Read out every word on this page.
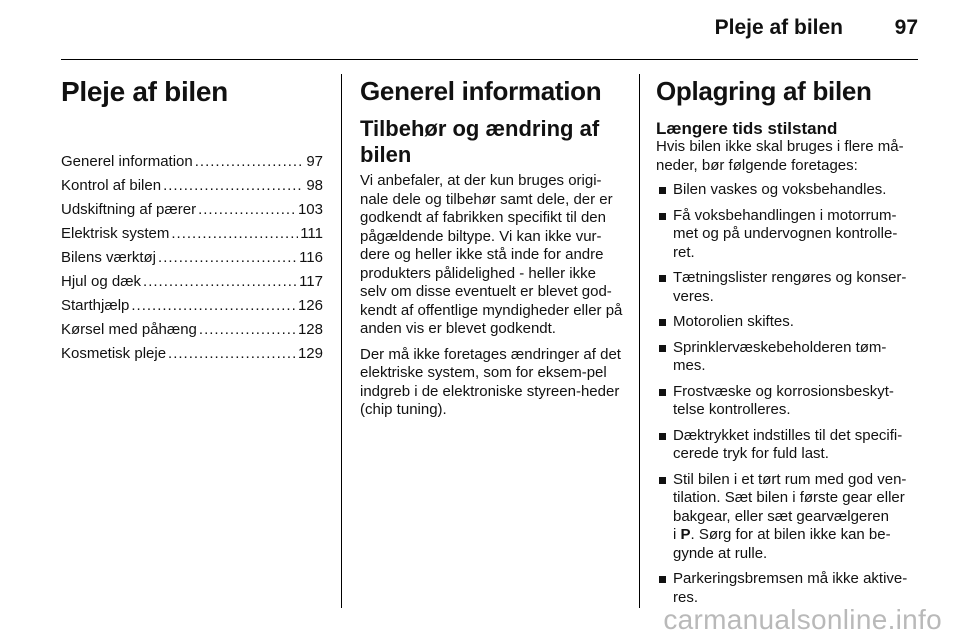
Pleje af bilen 97
Pleje af bilen
Generel information .....	97
Kontrol af bilen .....	98
Udskiftning af pærer .....	103
Elektrisk system .....	111
Bilens værktøj .....	116
Hjul og dæk .....	117
Starthjælp .....	126
Kørsel med påhæng .....	128
Kosmetisk pleje .....	129
Generel information
Tilbehør og ændring af bilen

Vi anbefaler, at der kun bruges origi-nale dele og tilbehør samt dele, der er godkendt af fabrikken specifikt til den pågældende biltype. Vi kan ikke vur-dere og heller ikke stå inde for andre produkters pålidelighed - heller ikke selv om disse eventuelt er blevet god-kendt af offentlige myndigheder eller på anden vis er blevet godkendt.

Der må ikke foretages ændringer af det elektriske system, som for eksem-pel indgreb i de elektroniske styreen-heder (chip tuning).

Oplagring af bilen
Længere tids stilstand

Hvis bilen ikke skal bruges i flere må-neder, bør følgende foretages:

Bilen vaskes og voksbehandles.
Få voksbehandlingen i motorrum-met og på undervognen kontrolle-ret.
Tætningslister rengøres og konser-veres.
Motorolien skiftes.
Sprinklervæskebeholderen tøm-mes.
Frostvæske og korrosionsbeskyt-telse kontrolleres.
Dæktrykket indstilles til det specifi-cerede tryk for fuld last.
Stil bilen i et tørt rum med god ven-tilation. Sæt bilen i første gear eller bakgear, eller sæt gearvælgeren
i P. Sørg for at bilen ikke kan be-gynde at rulle.
Parkeringsbremsen må ikke aktive-res.
carmanualsonline.info
